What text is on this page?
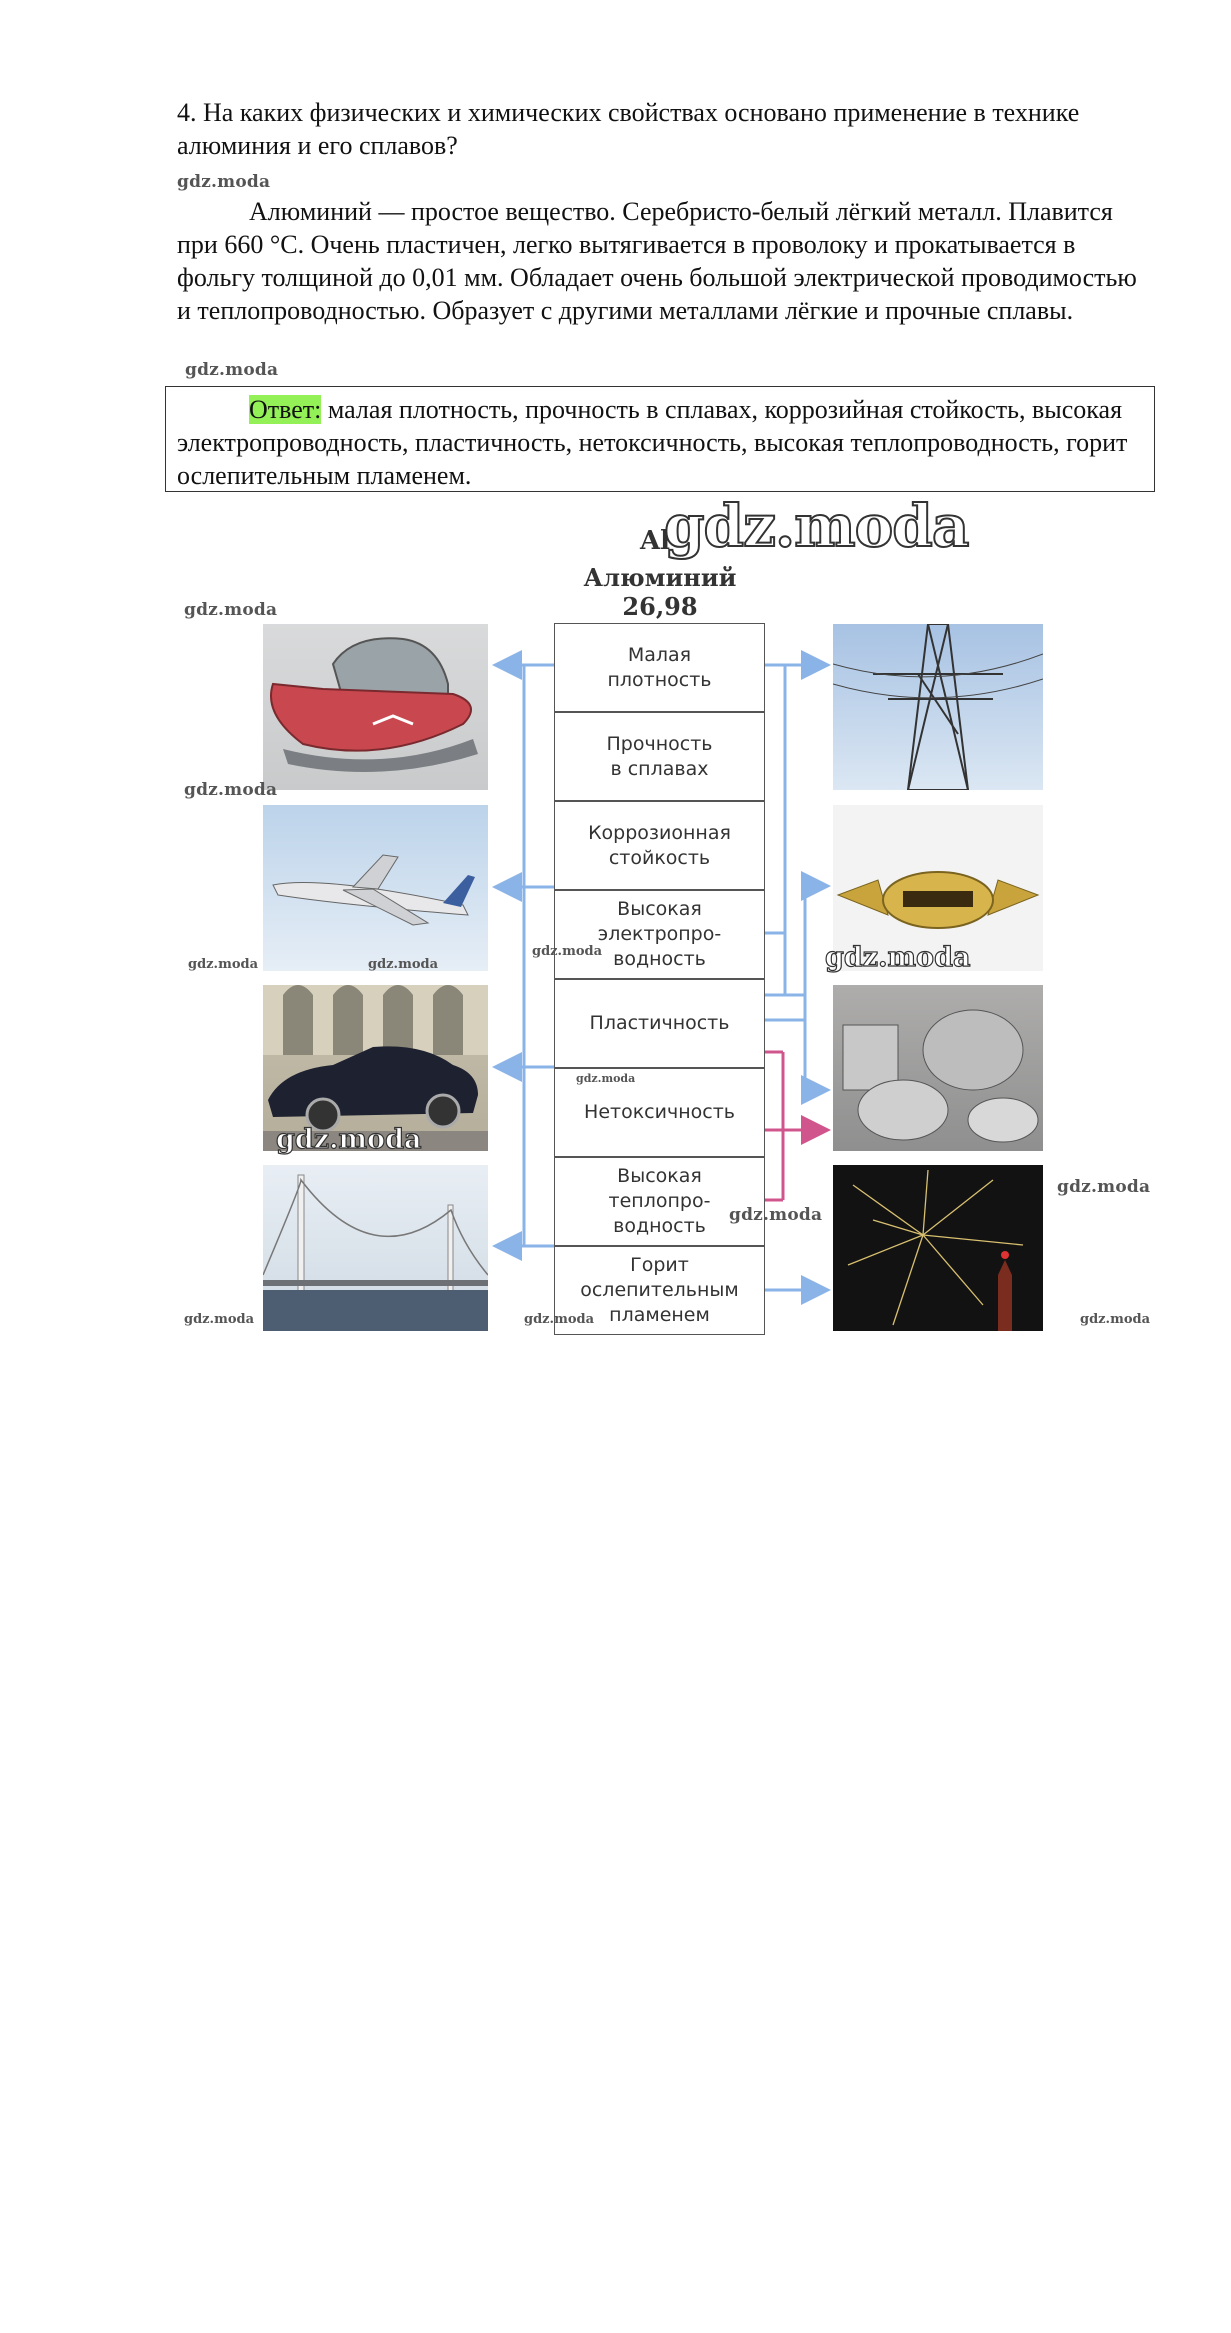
4. На каких физических и химических свойствах основано применение в технике алюминия и его сплавов?
gdz.moda
Алюминий — простое вещество. Серебристо-белый лёгкий металл. Плавится при 660 °С. Очень пластичен, легко вытягивается в проволоку и прокатывается в фольгу толщиной до 0,01 мм. Обладает очень большой электрической проводимостью и теплопроводностью. Образует с другими металлами лёгкие и прочные сплавы.
gdz.moda
Ответ: малая плотность, прочность в сплавах, коррозийная стойкость, высокая электропроводность, пластичность, нетоксичность, высокая теплопроводность, горит ослепительным пламенем.
Al
gdz.moda
Алюминий
26,98
Малая
плотность
Прочность
в сплавах
Коррозионная
стойкость
Высокая
электропро-
водность
Пластичность
Нетоксичность
Высокая
теплопро-
водность
Горит
ослепительным
пламенем
gdz.moda
gdz.moda
gdz.moda	gdz.moda
gdz.moda	gdz.moda
gdz.moda
gdz.moda
gdz.moda
gdz.moda
gdz.moda	gdz.moda	gdz.moda
